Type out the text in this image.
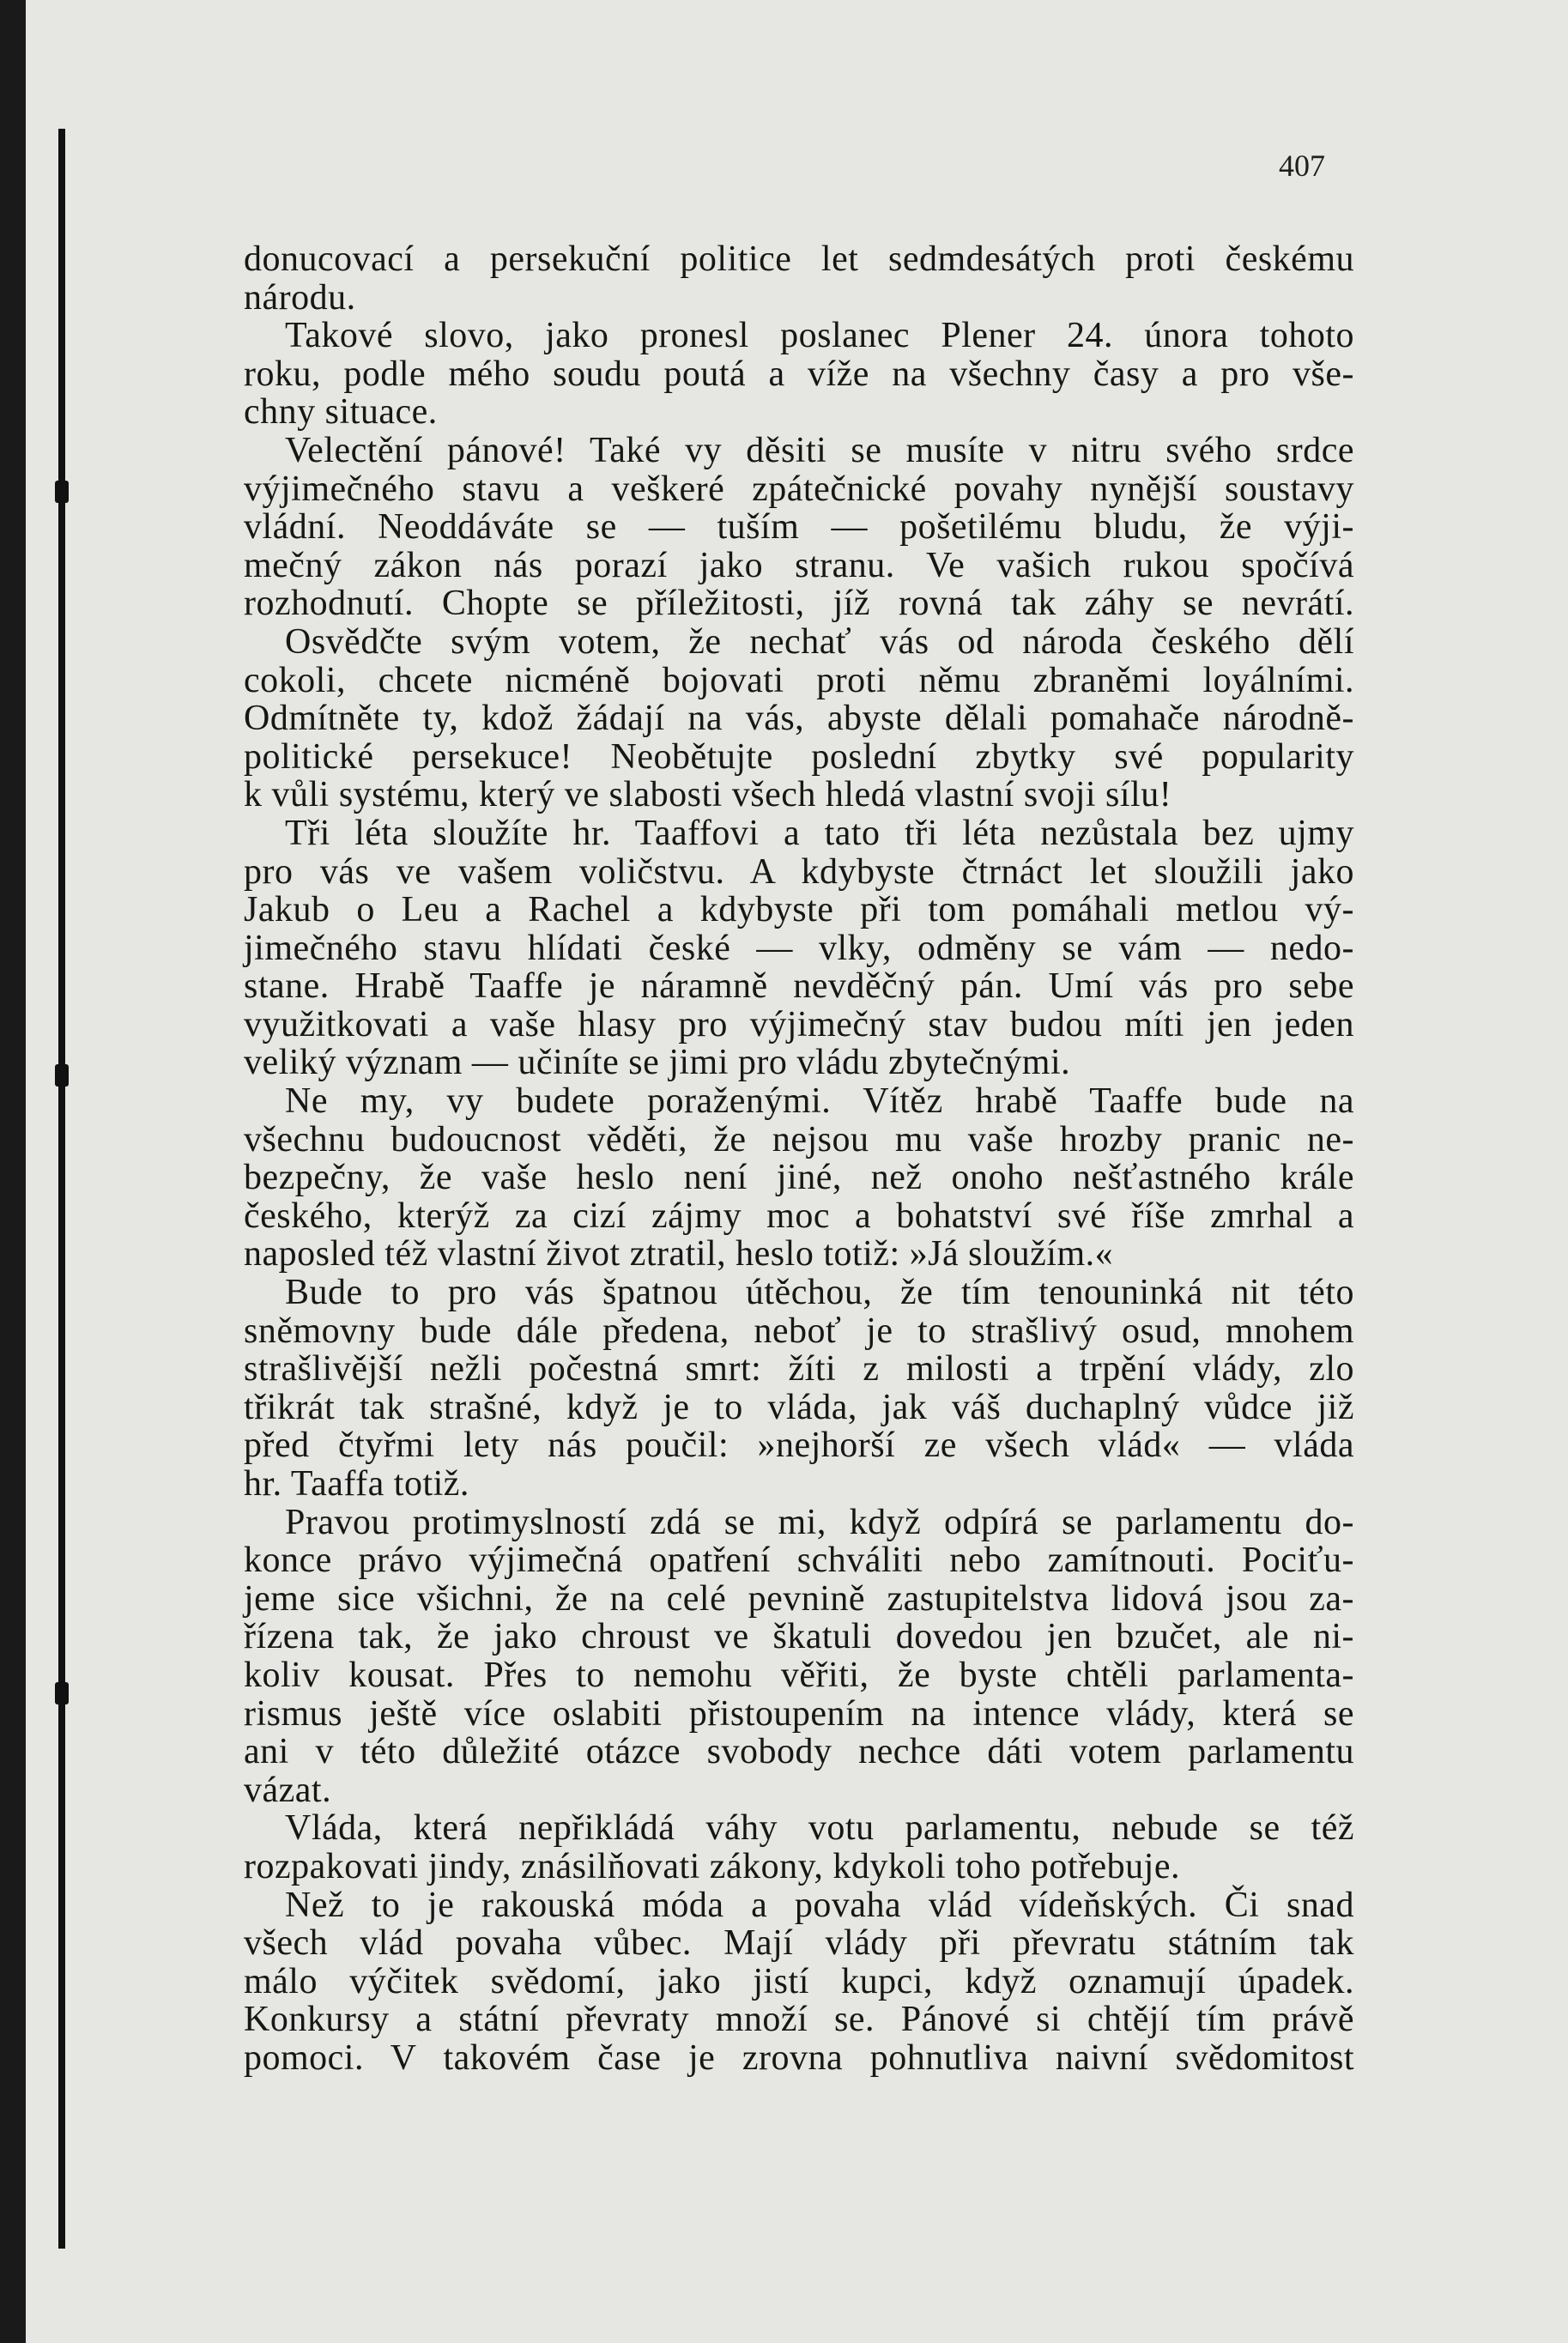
407
donucovací a persekuční politice let sedmdesátých proti českému
národu.
Takové slovo, jako pronesl poslanec Plener 24. února tohoto
roku, podle mého soudu poutá a víže na všechny časy a pro vše-
chny situace.
Velectění pánové! Také vy děsiti se musíte v nitru svého srdce
výjimečného stavu a veškeré zpátečnické povahy nynější soustavy
vládní. Neoddáváte se — tuším — pošetilému bludu, že výji-
mečný zákon nás porazí jako stranu. Ve vašich rukou spočívá
rozhodnutí. Chopte se příležitosti, jíž rovná tak záhy se nevrátí.
Osvědčte svým votem, že nechať vás od národa českého dělí
cokoli, chcete nicméně bojovati proti němu zbraněmi loyálními.
Odmítněte ty, kdož žádají na vás, abyste dělali pomahače národně-
politické persekuce! Neobětujte poslední zbytky své popularity
k vůli systému, který ve slabosti všech hledá vlastní svoji sílu!
Tři léta sloužíte hr. Taaffovi a tato tři léta nezůstala bez ujmy
pro vás ve vašem voličstvu. A kdybyste čtrnáct let sloužili jako
Jakub o Leu a Rachel a kdybyste při tom pomáhali metlou vý-
jimečného stavu hlídati české — vlky, odměny se vám — nedo-
stane. Hrabě Taaffe je náramně nevděčný pán. Umí vás pro sebe
využitkovati a vaše hlasy pro výjimečný stav budou míti jen jeden
veliký význam — učiníte se jimi pro vládu zbytečnými.
Ne my, vy budete poraženými. Vítěz hrabě Taaffe bude na
všechnu budoucnost věděti, že nejsou mu vaše hrozby pranic ne-
bezpečny, že vaše heslo není jiné, než onoho nešťastného krále
českého, kterýž za cizí zájmy moc a bohatství své říše zmrhal a
naposled též vlastní život ztratil, heslo totiž: »Já sloužím.«
Bude to pro vás špatnou útěchou, že tím tenouninká nit této
sněmovny bude dále předena, neboť je to strašlivý osud, mnohem
strašlivější nežli počestná smrt: žíti z milosti a trpění vlády, zlo
třikrát tak strašné, když je to vláda, jak váš duchaplný vůdce již
před čtyřmi lety nás poučil: »nejhorší ze všech vlád« — vláda
hr. Taaffa totiž.
Pravou protimyslností zdá se mi, když odpírá se parlamentu do-
konce právo výjimečná opatření schváliti nebo zamítnouti. Pociťu-
jeme sice všichni, že na celé pevnině zastupitelstva lidová jsou za-
řízena tak, že jako chroust ve škatuli dovedou jen bzučet, ale ni-
koliv kousat. Přes to nemohu věřiti, že byste chtěli parlamenta-
rismus ještě více oslabiti přistoupením na intence vlády, která se
ani v této důležité otázce svobody nechce dáti votem parlamentu
vázat.
Vláda, která nepřikládá váhy votu parlamentu, nebude se též
rozpakovati jindy, znásilňovati zákony, kdykoli toho potřebuje.
Než to je rakouská móda a povaha vlád vídeňských. Či snad
všech vlád povaha vůbec. Mají vlády při převratu státním tak
málo výčitek svědomí, jako jistí kupci, když oznamují úpadek.
Konkursy a státní převraty množí se. Pánové si chtějí tím právě
pomoci. V takovém čase je zrovna pohnutliva naivní svědomitost
